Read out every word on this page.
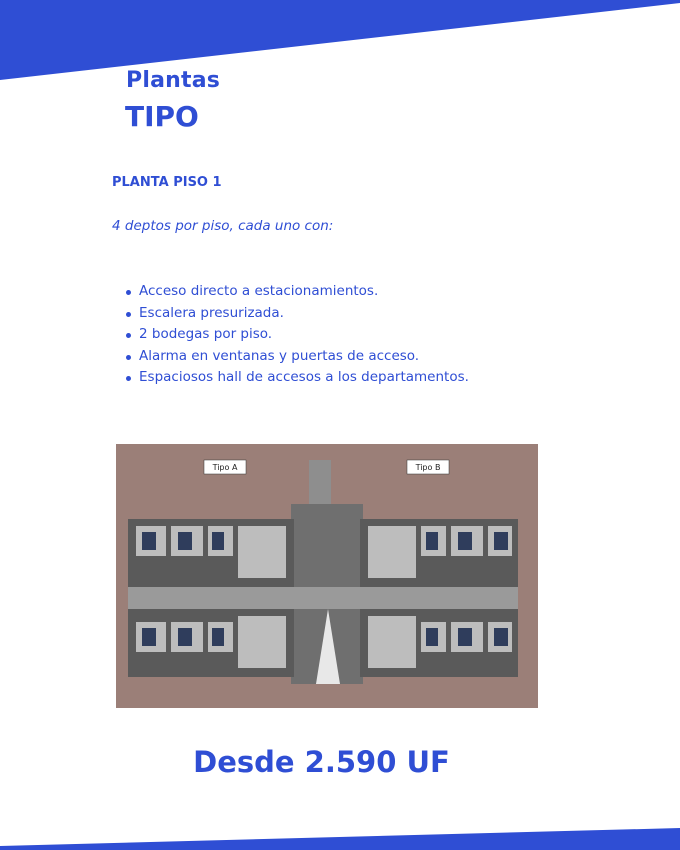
Plantas
TIPO
PLANTA PISO 1
4 deptos por piso, cada uno con:
Acceso directo a estacionamientos.
Escalera presurizada.
2 bodegas por piso.
Alarma en ventanas y puertas de acceso.
Espaciosos hall de accesos a los departamentos.
Tipo A	Tipo B
Desde 2.590 UF
